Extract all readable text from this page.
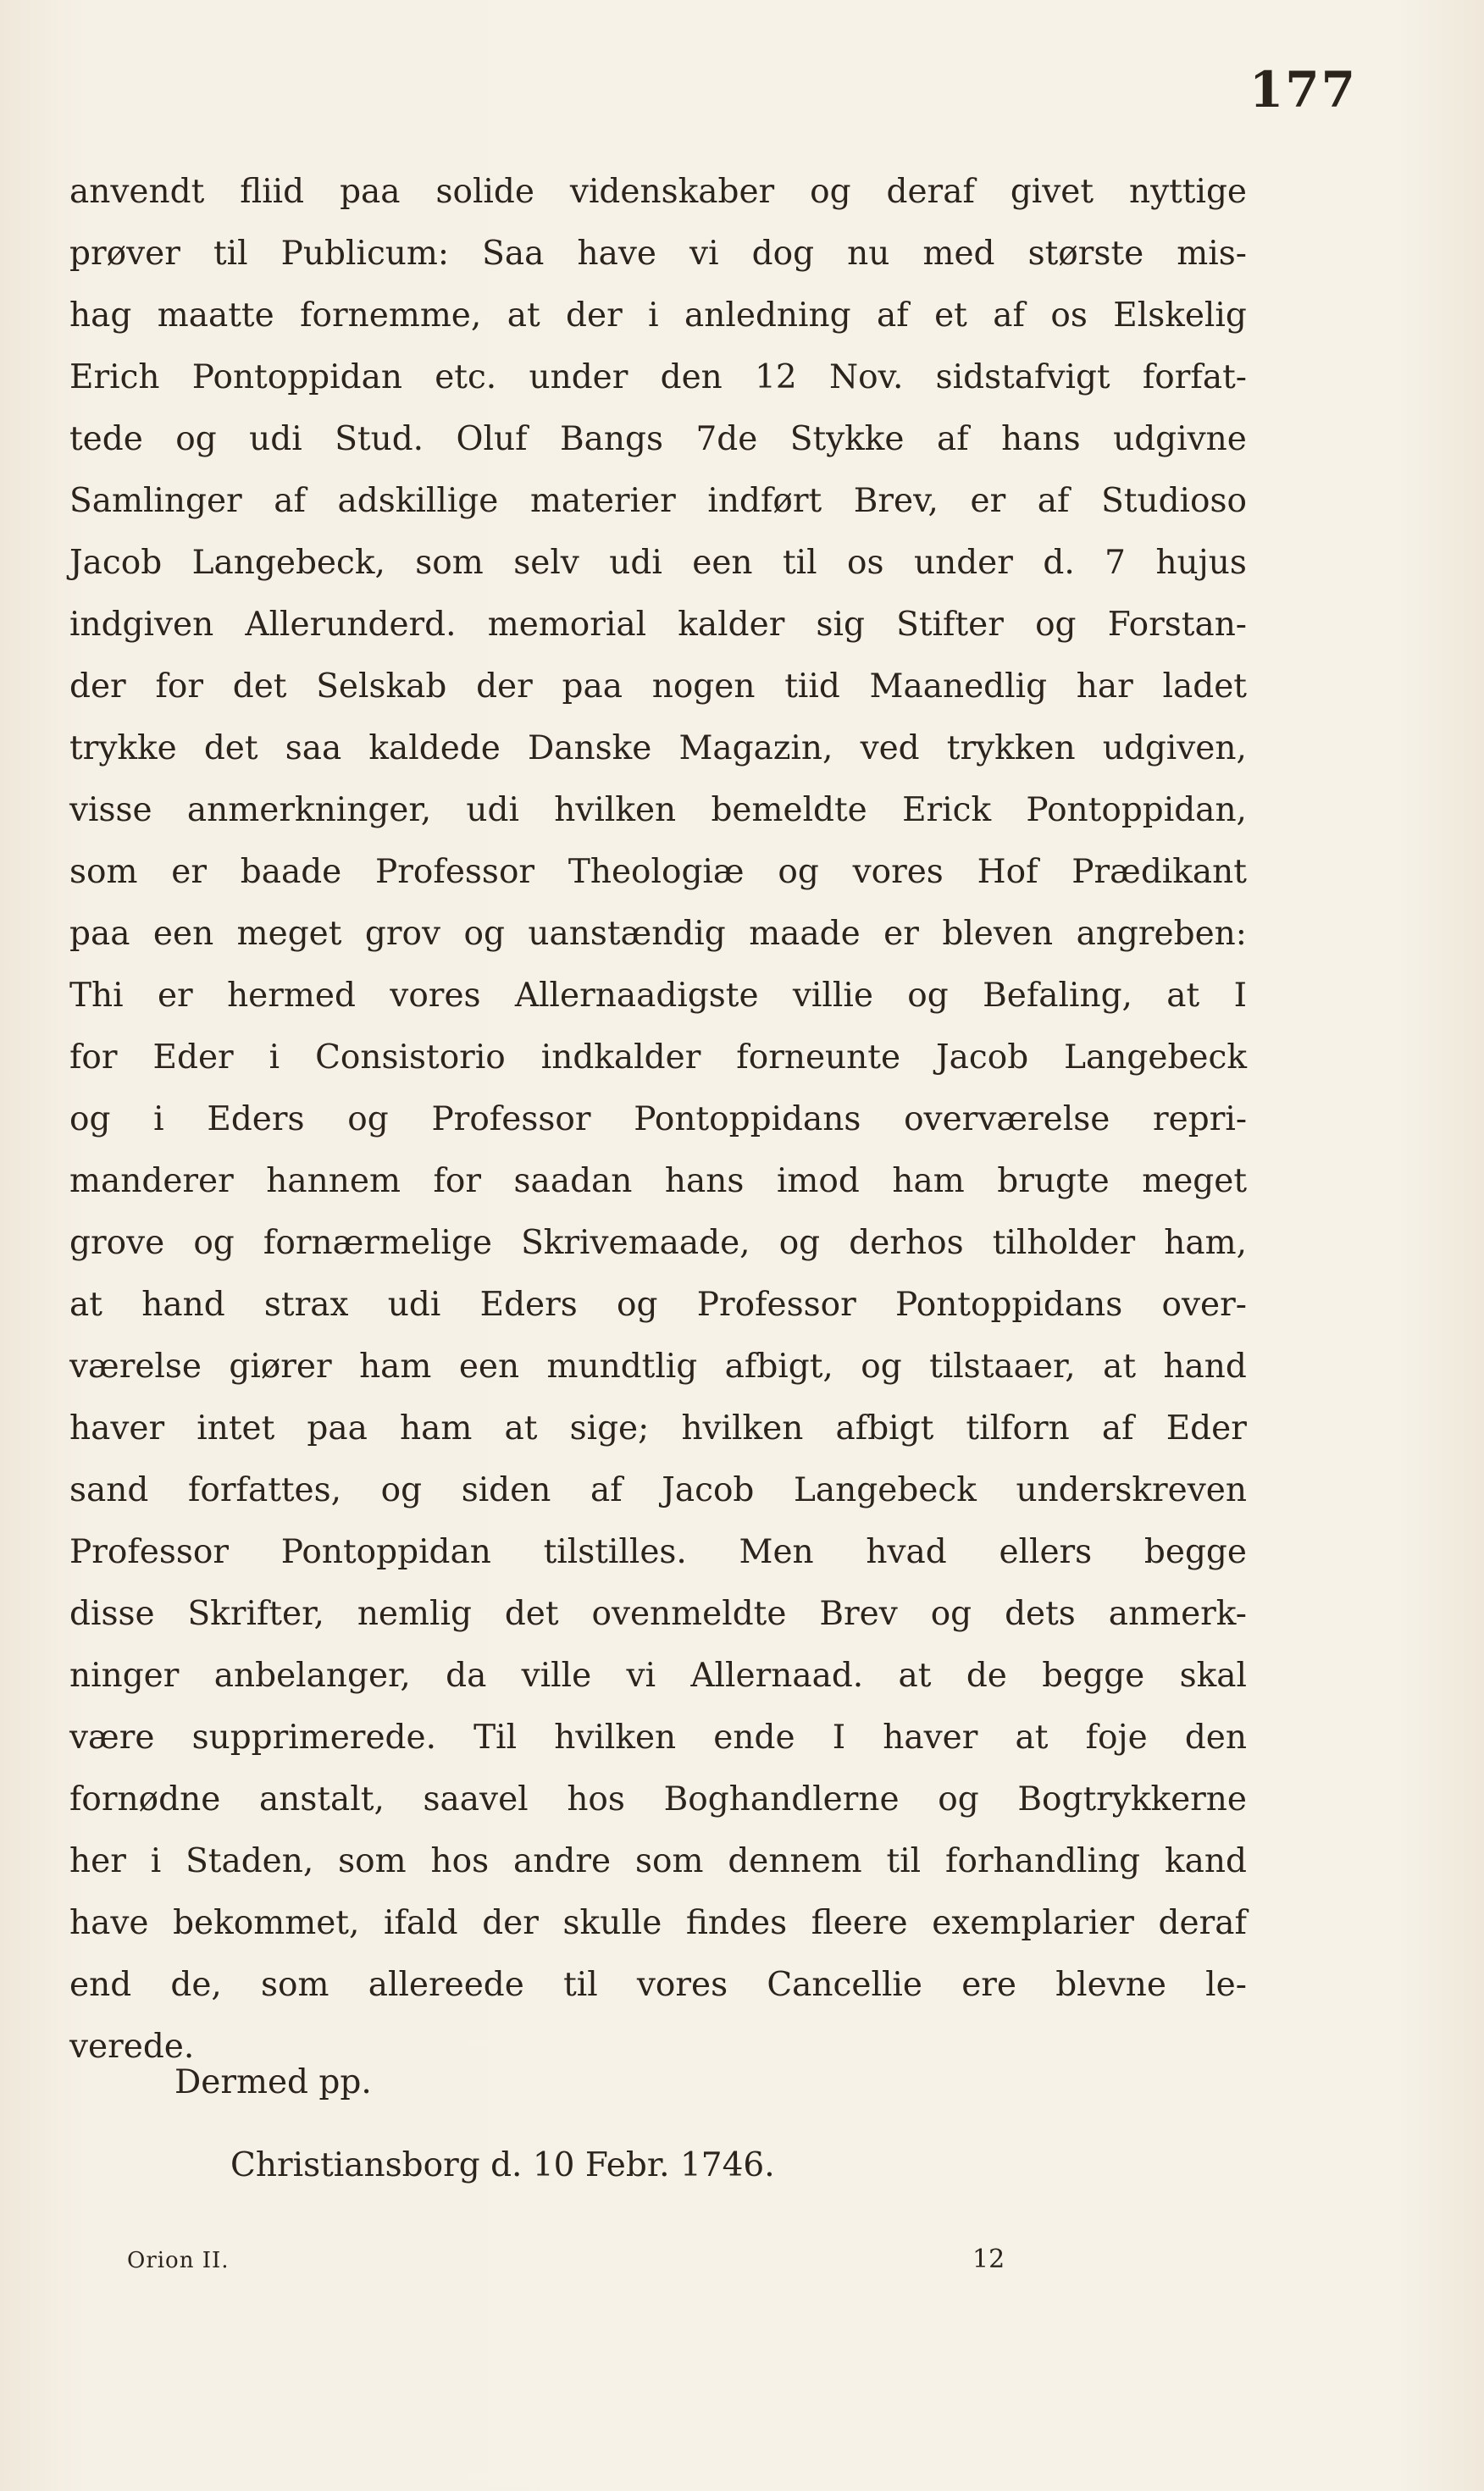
177
anvendt fliid paa solide videnskaber og deraf givet nyttige
prøver til Publicum: Saa have vi dog nu med største mis-
hag maatte fornemme, at der i anledning af et af os Elskelig
Erich Pontoppidan etc. under den 12 Nov. sidstafvigt forfat-
tede og udi Stud. Oluf Bangs 7de Stykke af hans udgivne
Samlinger af adskillige materier indført Brev, er af Studioso
Jacob Langebeck, som selv udi een til os under d. 7 hujus
indgiven Allerunderd. memorial kalder sig Stifter og Forstan-
der for det Selskab der paa nogen tiid Maanedlig har ladet
trykke det saa kaldede Danske Magazin, ved trykken udgiven,
visse anmerkninger, udi hvilken bemeldte Erick Pontoppidan,
som er baade Professor Theologiæ og vores Hof Prædikant
paa een meget grov og uanstændig maade er bleven angreben:
Thi er hermed vores Allernaadigste villie og Befaling, at I
for Eder i Consistorio indkalder forneunte Jacob Langebeck
og i Eders og Professor Pontoppidans overværelse repri-
manderer hannem for saadan hans imod ham brugte meget
grove og fornærmelige Skrivemaade, og derhos tilholder ham,
at hand strax udi Eders og Professor Pontoppidans over-
værelse giører ham een mundtlig afbigt, og tilstaaer, at hand
haver intet paa ham at sige; hvilken afbigt tilforn af Eder
sand forfattes, og siden af Jacob Langebeck underskreven
Professor Pontoppidan tilstilles. Men hvad ellers begge
disse Skrifter, nemlig det ovenmeldte Brev og dets anmerk-
ninger anbelanger, da ville vi Allernaad. at de begge skal
være supprimerede. Til hvilken ende I haver at foje den
fornødne anstalt, saavel hos Boghandlerne og Bogtrykkerne
her i Staden, som hos andre som dennem til forhandling kand
have bekommet, ifald der skulle findes fleere exemplarier deraf
end de, som allereede til vores Cancellie ere blevne le-
verede.
Dermed pp.
Christiansborg d. 10 Febr. 1746.
Orion II.	12
